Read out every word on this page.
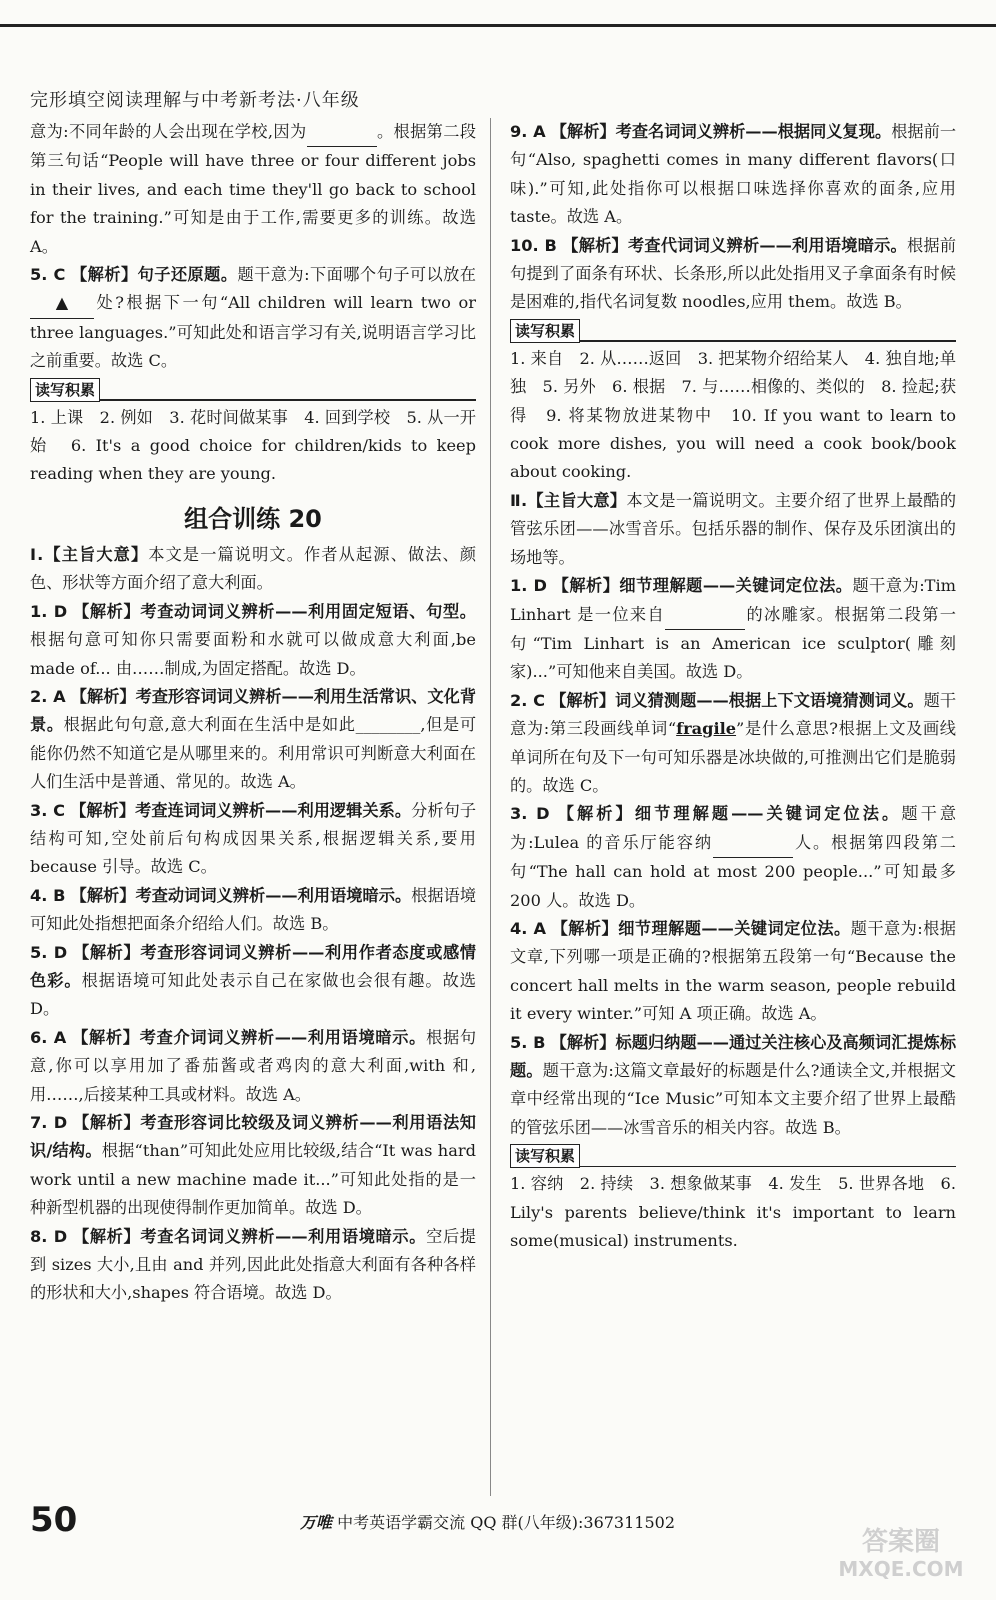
完形填空阅读理解与中考新考法·八年级

意为:不同年龄的人会出现在学校,因为	。根据第二段第三句话“People will have three or four different jobs in their lives, and each time they'll go back to school for the training.”可知是由于工作,需要更多的训练。故选 A。

5. C 【解析】句子还原题。题干意为:下面哪个句子可以放在▲ 处?根据下一句“All children will learn two or three languages.”可知此处和语言学习有关,说明语言学习比之前重要。故选 C。

读写积累

1. 上课　2. 例如　3. 花时间做某事　4. 回到学校　5. 从一开始　6. It's a good choice for children/kids to keep reading when they are young.

组合训练 20

Ⅰ.【主旨大意】本文是一篇说明文。作者从起源、做法、颜色、形状等方面介绍了意大利面。

1. D 【解析】考查动词词义辨析——利用固定短语、句型。根据句意可知你只需要面粉和水就可以做成意大利面,be made of... 由……制成,为固定搭配。故选 D。

2. A 【解析】考查形容词词义辨析——利用生活常识、文化背景。根据此句句意,意大利面在生活中是如此________,但是可能你仍然不知道它是从哪里来的。利用常识可判断意大利面在人们生活中是普通、常见的。故选 A。

3. C 【解析】考查连词词义辨析——利用逻辑关系。分析句子结构可知,空处前后句构成因果关系,根据逻辑关系,要用 because 引导。故选 C。

4. B 【解析】考查动词词义辨析——利用语境暗示。根据语境可知此处指想把面条介绍给人们。故选 B。

5. D 【解析】考查形容词词义辨析——利用作者态度或感情色彩。根据语境可知此处表示自己在家做也会很有趣。故选 D。

6. A 【解析】考查介词词义辨析——利用语境暗示。根据句意,你可以享用加了番茄酱或者鸡肉的意大利面,with 和,用……,后接某种工具或材料。故选 A。

7. D 【解析】考查形容词比较级及词义辨析——利用语法知识/结构。根据“than”可知此处应用比较级,结合“It was hard work until a new machine made it...”可知此处指的是一种新型机器的出现使得制作更加简单。故选 D。

8. D 【解析】考查名词词义辨析——利用语境暗示。空后提到 sizes 大小,且由 and 并列,因此此处指意大利面有各种各样的形状和大小,shapes 符合语境。故选 D。

9. A 【解析】考查名词词义辨析——根据同义复现。根据前一句“Also, spaghetti comes in many different flavors(口味).”可知,此处指你可以根据口味选择你喜欢的面条,应用 taste。故选 A。

10. B 【解析】考查代词词义辨析——利用语境暗示。根据前句提到了面条有环状、长条形,所以此处指用叉子拿面条有时候是困难的,指代名词复数 noodles,应用 them。故选 B。

读写积累

1. 来自　2. 从……返回　3. 把某物介绍给某人　4. 独自地;单独　5. 另外　6. 根据　7. 与……相像的、类似的　8. 捡起;获得　9. 将某物放进某物中　10. If you want to learn to cook more dishes, you will need a cook book/book about cooking.

Ⅱ.【主旨大意】本文是一篇说明文。主要介绍了世界上最酷的管弦乐团——冰雪音乐。包括乐器的制作、保存及乐团演出的场地等。

1. D 【解析】细节理解题——关键词定位法。题干意为:Tim Linhart 是一位来自	的冰雕家。根据第二段第一句“Tim Linhart is an American ice sculptor(雕刻家)...”可知他来自美国。故选 D。

2. C 【解析】词义猜测题——根据上下文语境猜测词义。题干意为:第三段画线单词“fragile”是什么意思?根据上文及画线单词所在句及下一句可知乐器是冰块做的,可推测出它们是脆弱的。故选 C。

3. D 【解析】细节理解题——关键词定位法。题干意为:Lulea 的音乐厅能容纳	人。根据第四段第二句“The hall can hold at most 200 people...”可知最多 200 人。故选 D。

4. A 【解析】细节理解题——关键词定位法。题干意为:根据文章,下列哪一项是正确的?根据第五段第一句“Because the concert hall melts in the warm season, people rebuild it every winter.”可知 A 项正确。故选 A。

5. B 【解析】标题归纳题——通过关注核心及高频词汇提炼标题。题干意为:这篇文章最好的标题是什么?通读全文,并根据文章中经常出现的“Ice Music”可知本文主要介绍了世界上最酷的管弦乐团——冰雪音乐的相关内容。故选 B。

读写积累

1. 容纳　2. 持续　3. 想象做某事　4. 发生　5. 世界各地　6. Lily's parents believe/think it's important to learn some(musical) instruments.

50	万唯 中考英语学霸交流 QQ 群(八年级):367311502
答案圈
MXQE.COM
